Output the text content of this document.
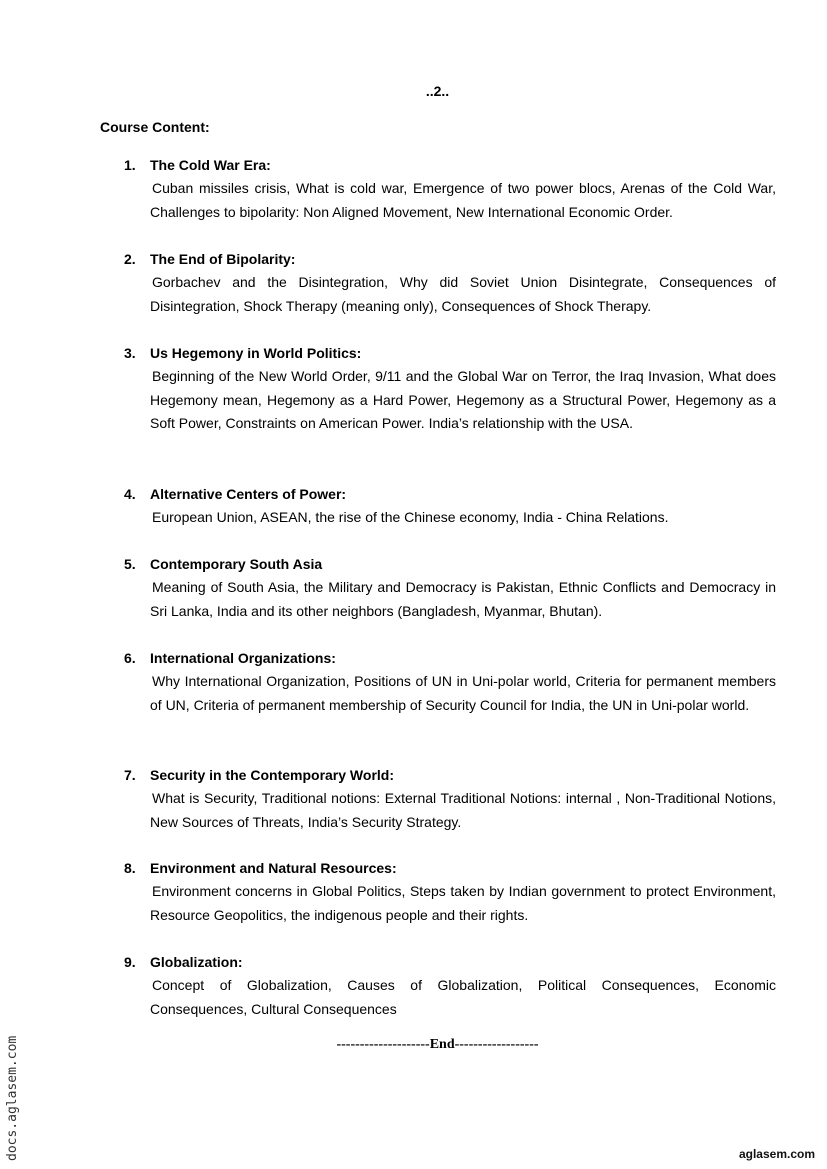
..2..
Course Content:
1.	The Cold War Era:
Cuban missiles crisis, What is cold war, Emergence of two power blocs, Arenas of the Cold War, Challenges to bipolarity: Non Aligned Movement, New International Economic Order.
2.	The End of Bipolarity:
Gorbachev and the Disintegration, Why did Soviet Union Disintegrate, Consequences of Disintegration, Shock Therapy (meaning only), Consequences of Shock Therapy.
3.	Us Hegemony in World Politics:
Beginning of the New World Order, 9/11 and the Global War on Terror, the Iraq Invasion, What does Hegemony mean, Hegemony as a Hard Power, Hegemony as a Structural Power, Hegemony as a Soft Power, Constraints on American Power. India’s relationship with the USA.
4.	Alternative Centers of Power:
European Union, ASEAN, the rise of the Chinese economy, India - China Relations.
5.	Contemporary South Asia
Meaning of South Asia, the Military and Democracy is Pakistan, Ethnic Conflicts and Democracy in Sri Lanka, India and its other neighbors (Bangladesh, Myanmar, Bhutan).
6.	International Organizations:
Why International Organization, Positions of UN in Uni-polar world, Criteria for permanent members of UN, Criteria of permanent membership of Security Council for India, the UN in Uni-polar world.
7.	Security in the Contemporary World:
What is Security, Traditional notions: External Traditional Notions: internal , Non-Traditional Notions, New Sources of Threats, India’s Security Strategy.
8.	Environment and Natural Resources:
Environment concerns in Global Politics, Steps taken by Indian government to protect Environment, Resource Geopolitics, the indigenous people and their rights.
9.	Globalization:
Concept of Globalization, Causes of Globalization, Political Consequences, Economic Consequences, Cultural Consequences
--------------------End------------------
docs.aglasem.com	aglasem.com
